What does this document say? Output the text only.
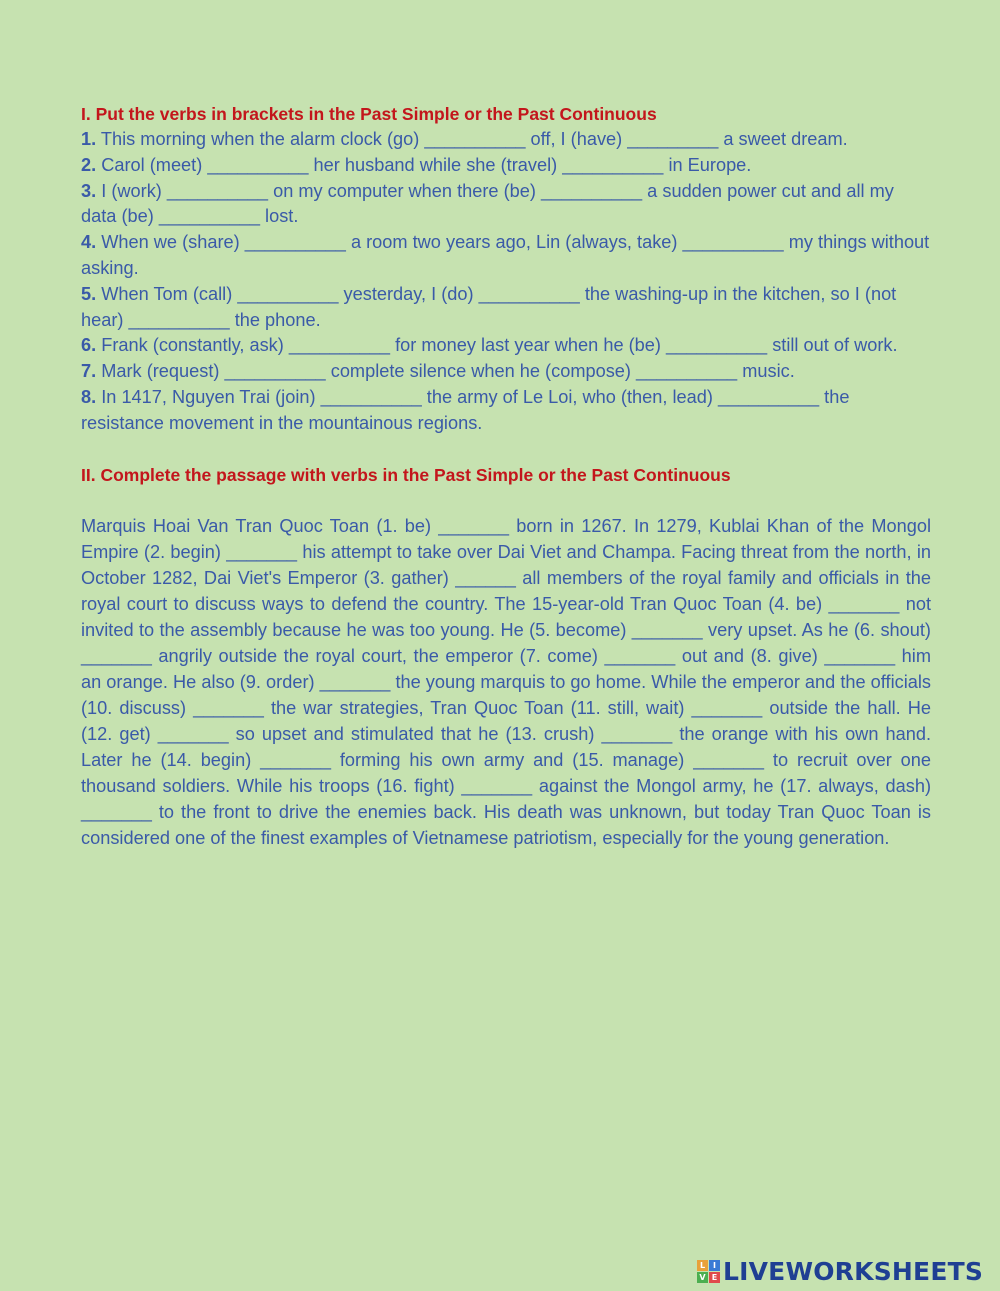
I. Put the verbs in brackets in the Past Simple or the Past Continuous

1. This morning when the alarm clock (go) __________ off, I (have) _________ a sweet dream.

2. Carol (meet) __________ her husband while she (travel) __________ in Europe.

3. I (work) __________ on my computer when there (be) __________ a sudden power cut and all my data (be) __________ lost.

4. When we (share) __________ a room two years ago, Lin (always, take) __________ my things without asking.

5. When Tom (call) __________ yesterday, I (do) __________ the washing-up in the kitchen, so I (not hear) __________ the phone.

6. Frank (constantly, ask) __________ for money last year when he (be) __________ still out of work.

7. Mark (request) __________ complete silence when he (compose) __________ music.

8. In 1417, Nguyen Trai (join) __________ the army of Le Loi, who (then, lead) __________ the resistance movement in the mountainous regions.

II. Complete the passage with verbs in the Past Simple or the Past Continuous

Marquis Hoai Van Tran Quoc Toan (1. be) _______ born in 1267. In 1279, Kublai Khan of the Mongol Empire (2. begin) _______ his attempt to take over Dai Viet and Champa. Facing threat from the north, in October 1282, Dai Viet's Emperor (3. gather) ______ all members of the royal family and officials in the royal court to discuss ways to defend the country. The 15-year-old Tran Quoc Toan (4. be) _______ not invited to the assembly because he was too young. He (5. become) _______ very upset. As he (6. shout) _______ angrily outside the royal court, the emperor (7. come) _______ out and (8. give) _______ him an orange. He also (9. order) _______ the young marquis to go home. While the emperor and the officials (10. discuss) _______ the war strategies, Tran Quoc Toan (11. still, wait) _______ outside the hall. He (12. get) _______ so upset and stimulated that he (13. crush) _______ the orange with his own hand. Later he (14. begin) _______ forming his own army and (15. manage) _______ to recruit over one thousand soldiers. While his troops (16. fight) _______ against the Mongol army, he (17. always, dash) _______ to the front to drive the enemies back. His death was unknown, but today Tran Quoc Toan is considered one of the finest examples of Vietnamese patriotism, especially for the young generation.

L I
V E LIVEWORKSHEETS
